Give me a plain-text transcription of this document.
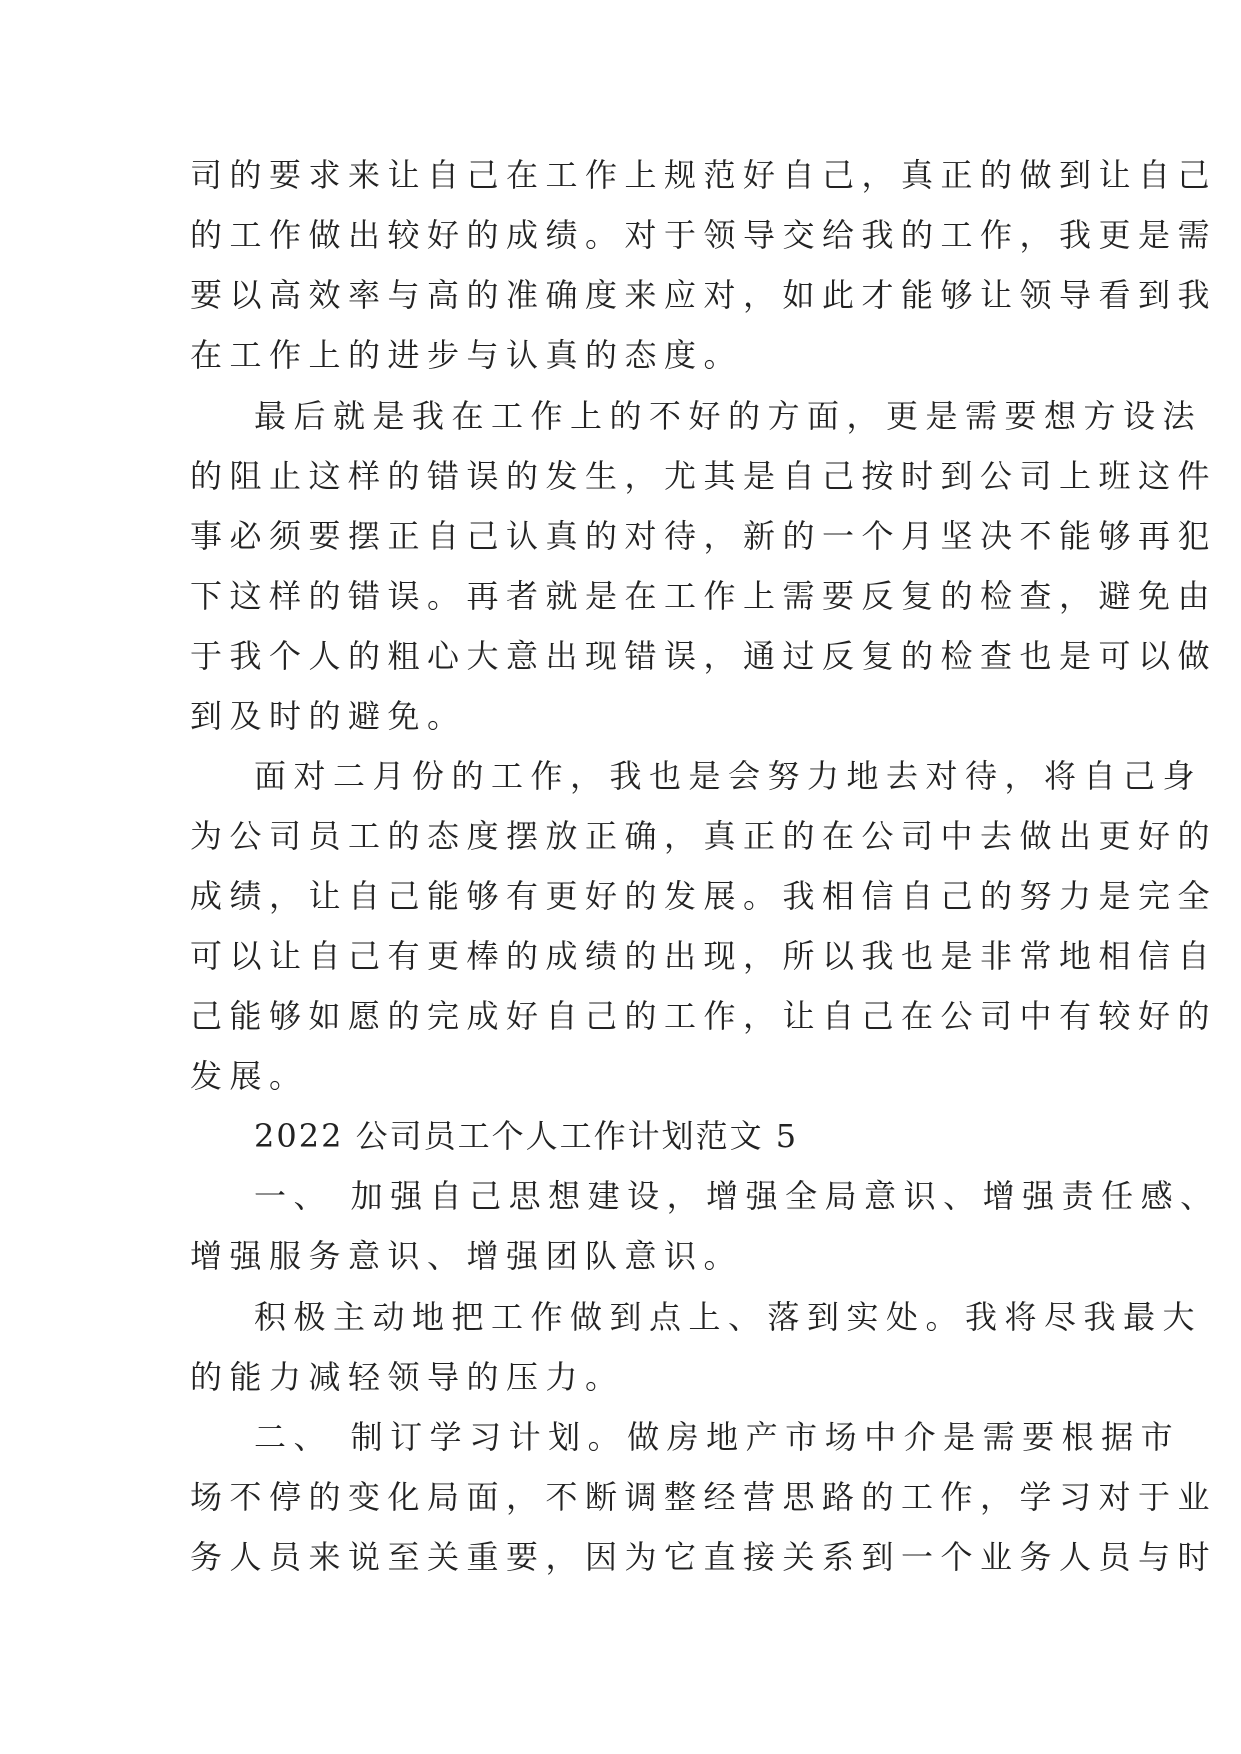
司的要求来让自己在工作上规范好自己，真正的做到让自己
的工作做出较好的成绩。对于领导交给我的工作，我更是需
要以高效率与高的准确度来应对，如此才能够让领导看到我
在工作上的进步与认真的态度。
最后就是我在工作上的不好的方面，更是需要想方设法
的阻止这样的错误的发生，尤其是自己按时到公司上班这件
事必须要摆正自己认真的对待，新的一个月坚决不能够再犯
下这样的错误。再者就是在工作上需要反复的检查，避免由
于我个人的粗心大意出现错误，通过反复的检查也是可以做
到及时的避免。
面对二月份的工作，我也是会努力地去对待，将自己身
为公司员工的态度摆放正确，真正的在公司中去做出更好的
成绩，让自己能够有更好的发展。我相信自己的努力是完全
可以让自己有更棒的成绩的出现，所以我也是非常地相信自
己能够如愿的完成好自己的工作，让自己在公司中有较好的
发展。
2022 公司员工个人工作计划范文 5
一、 加强自己思想建设，增强全局意识、增强责任感、
增强服务意识、增强团队意识。
积极主动地把工作做到点上、落到实处。我将尽我最大
的能力减轻领导的压力。
二、 制订学习计划。做房地产市场中介是需要根据市
场不停的变化局面，不断调整经营思路的工作，学习对于业
务人员来说至关重要，因为它直接关系到一个业务人员与时
